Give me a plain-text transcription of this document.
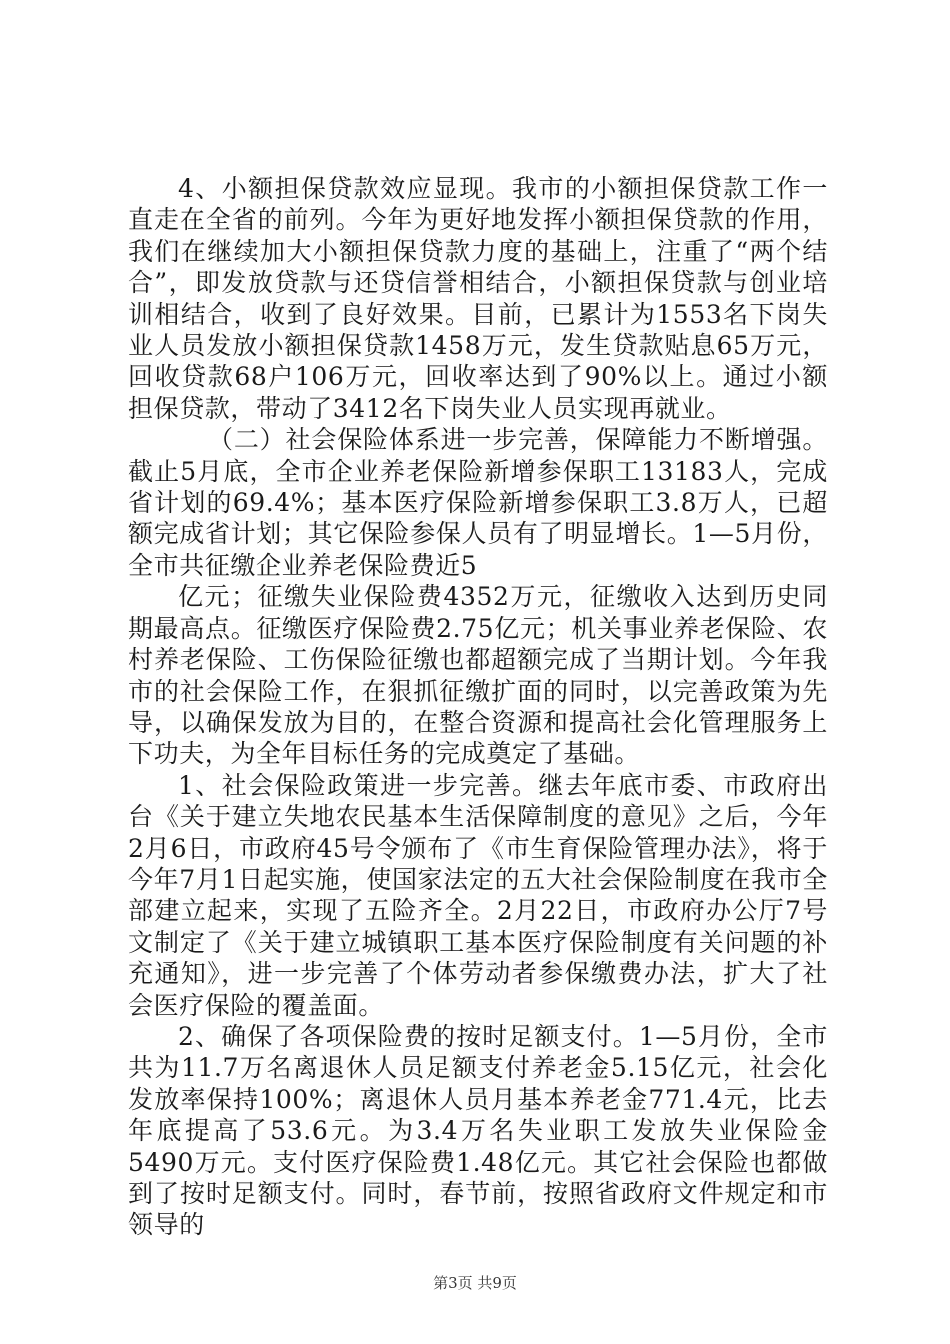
4、小额担保贷款效应显现。我市的小额担保贷款工作一直走在全省的前列。今年为更好地发挥小额担保贷款的作用，我们在继续加大小额担保贷款力度的基础上，注重了“两个结合”，即发放贷款与还贷信誉相结合，小额担保贷款与创业培训相结合，收到了良好效果。目前，已累计为1553名下岗失业人员发放小额担保贷款1458万元，发生贷款贴息65万元，回收贷款68户106万元，回收率达到了90%以上。通过小额担保贷款，带动了3412名下岗失业人员实现再就业。

（二）社会保险体系进一步完善，保障能力不断增强。截止5月底，全市企业养老保险新增参保职工13183人，完成省计划的69.4%；基本医疗保险新增参保职工3.8万人，已超额完成省计划；其它保险参保人员有了明显增长。1—5月份，全市共征缴企业养老保险费近5

亿元；征缴失业保险费4352万元，征缴收入达到历史同期最高点。征缴医疗保险费2.75亿元；机关事业养老保险、农村养老保险、工伤保险征缴也都超额完成了当期计划。今年我市的社会保险工作，在狠抓征缴扩面的同时，以完善政策为先导，以确保发放为目的，在整合资源和提高社会化管理服务上下功夫，为全年目标任务的完成奠定了基础。

1、社会保险政策进一步完善。继去年底市委、市政府出台《关于建立失地农民基本生活保障制度的意见》之后，今年2月6日，市政府45号令颁布了《市生育保险管理办法》，将于今年7月1日起实施，使国家法定的五大社会保险制度在我市全部建立起来，实现了五险齐全。2月22日，市政府办公厅7号文制定了《关于建立城镇职工基本医疗保险制度有关问题的补充通知》，进一步完善了个体劳动者参保缴费办法，扩大了社会医疗保险的覆盖面。

2、确保了各项保险费的按时足额支付。1—5月份，全市共为11.7万名离退休人员足额支付养老金5.15亿元，社会化发放率保持100%；离退休人员月基本养老金771.4元，比去年底提高了53.6元。为3.4万名失业职工发放失业保险金5490万元。支付医疗保险费1.48亿元。其它社会保险也都做到了按时足额支付。同时，春节前，按照省政府文件规定和市领导的

第3页 共9页
